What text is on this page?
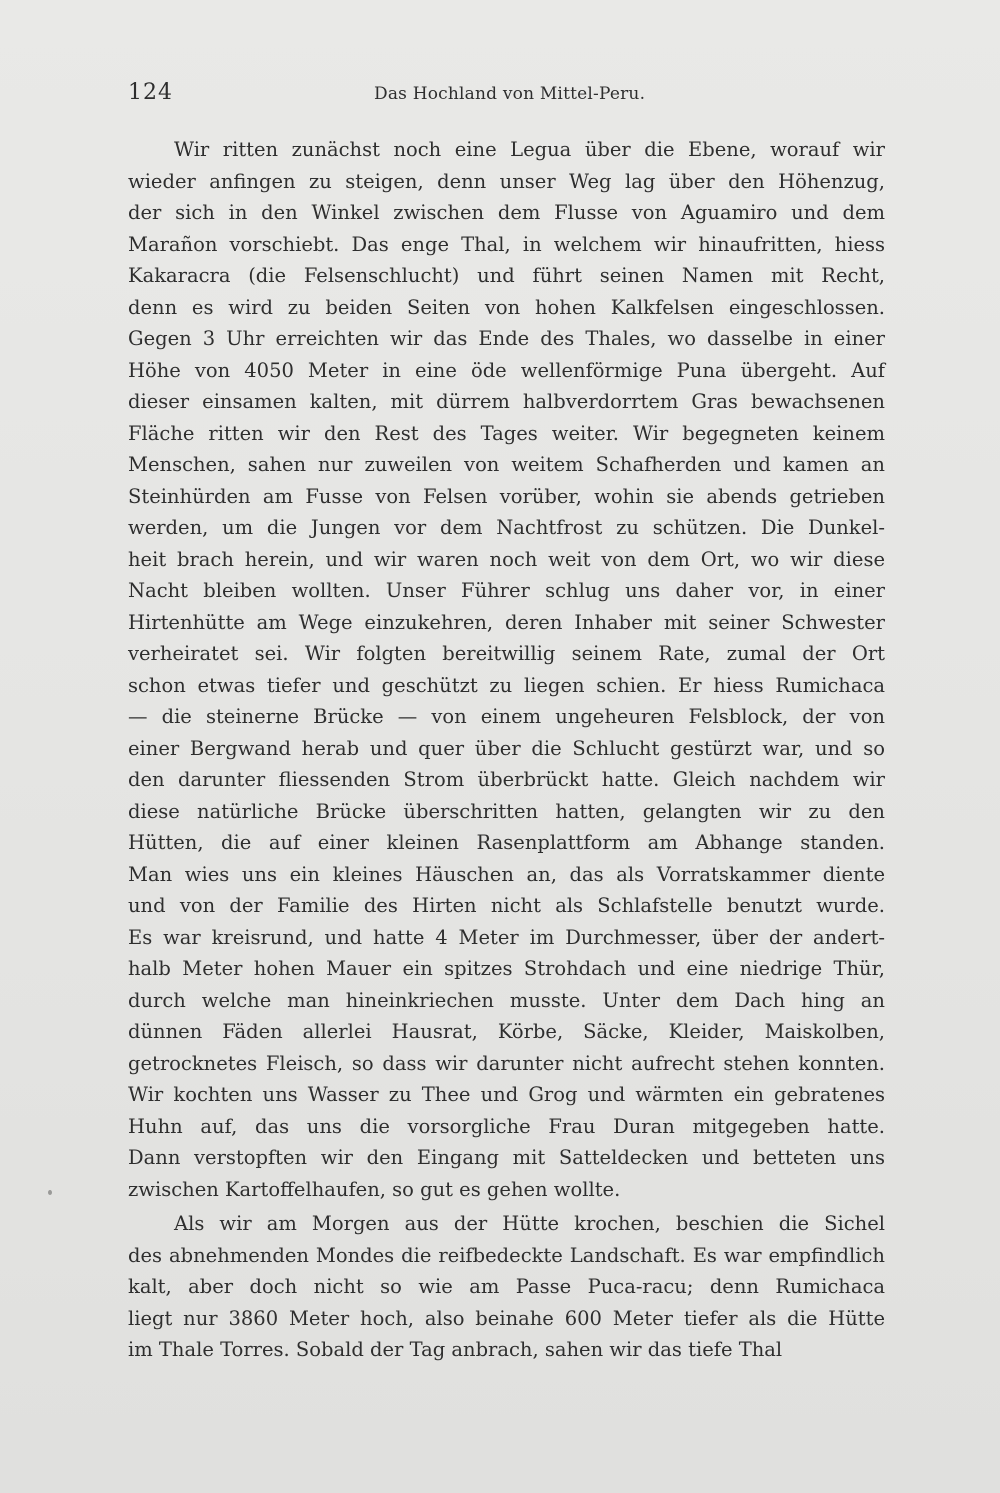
124	Das Hochland von Mittel-Peru.

Wir ritten zunächst noch eine Legua über die Ebene, worauf wir
wieder anfingen zu steigen, denn unser Weg lag über den Höhenzug,
der sich in den Winkel zwischen dem Flusse von Aguamiro und dem
Marañon vorschiebt. Das enge Thal, in welchem wir hinaufritten, hiess
Kakaracra (die Felsenschlucht) und führt seinen Namen mit Recht,
denn es wird zu beiden Seiten von hohen Kalkfelsen eingeschlossen.
Gegen 3 Uhr erreichten wir das Ende des Thales, wo dasselbe in einer
Höhe von 4050 Meter in eine öde wellenförmige Puna übergeht. Auf
dieser einsamen kalten, mit dürrem halbverdorrtem Gras bewachsenen
Fläche ritten wir den Rest des Tages weiter. Wir begegneten keinem
Menschen, sahen nur zuweilen von weitem Schafherden und kamen an
Steinhürden am Fusse von Felsen vorüber, wohin sie abends getrieben
werden, um die Jungen vor dem Nachtfrost zu schützen. Die Dunkel-
heit brach herein, und wir waren noch weit von dem Ort, wo wir diese
Nacht bleiben wollten. Unser Führer schlug uns daher vor, in einer
Hirtenhütte am Wege einzukehren, deren Inhaber mit seiner Schwester
verheiratet sei. Wir folgten bereitwillig seinem Rate, zumal der Ort
schon etwas tiefer und geschützt zu liegen schien. Er hiess Rumichaca
— die steinerne Brücke — von einem ungeheuren Felsblock, der von
einer Bergwand herab und quer über die Schlucht gestürzt war, und so
den darunter fliessenden Strom überbrückt hatte. Gleich nachdem wir
diese natürliche Brücke überschritten hatten, gelangten wir zu den
Hütten, die auf einer kleinen Rasenplattform am Abhange standen.
Man wies uns ein kleines Häuschen an, das als Vorratskammer diente
und von der Familie des Hirten nicht als Schlafstelle benutzt wurde.
Es war kreisrund, und hatte 4 Meter im Durchmesser, über der andert-
halb Meter hohen Mauer ein spitzes Strohdach und eine niedrige Thür,
durch welche man hineinkriechen musste. Unter dem Dach hing an
dünnen Fäden allerlei Hausrat, Körbe, Säcke, Kleider, Maiskolben,
getrocknetes Fleisch, so dass wir darunter nicht aufrecht stehen konnten.
Wir kochten uns Wasser zu Thee und Grog und wärmten ein gebratenes
Huhn auf, das uns die vorsorgliche Frau Duran mitgegeben hatte.
Dann verstopften wir den Eingang mit Satteldecken und betteten uns
zwischen Kartoffelhaufen, so gut es gehen wollte.

Als wir am Morgen aus der Hütte krochen, beschien die Sichel
des abnehmenden Mondes die reifbedeckte Landschaft. Es war empfindlich
kalt, aber doch nicht so wie am Passe Puca-racu; denn Rumichaca
liegt nur 3860 Meter hoch, also beinahe 600 Meter tiefer als die Hütte
im Thale Torres. Sobald der Tag anbrach, sahen wir das tiefe Thal
